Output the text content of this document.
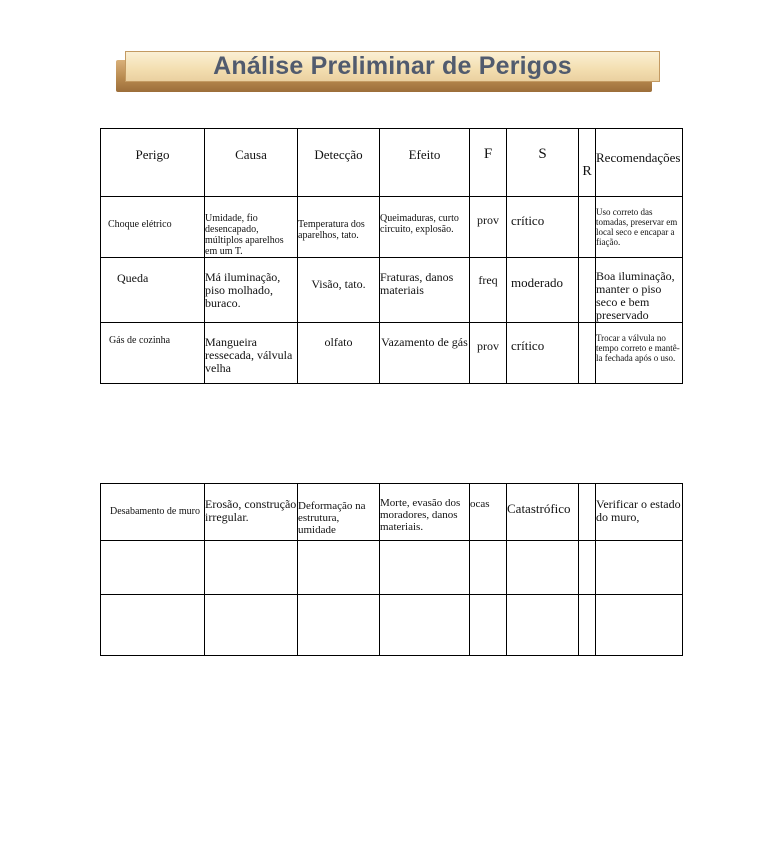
Análise Preliminar de Perigos
Perigo	Causa	Detecção	Efeito	F	S	R	Recomendações

Choque elétrico	Umidade, fio desencapado, múltiplos aparelhos em um T.	Temperatura dos aparelhos, tato.	Queimaduras, curto circuito, explosão.	prov	crítico		Uso correto das tomadas, preservar em local seco e encapar a fiação.

Queda	Má iluminação, piso molhado, buraco.	Visão, tato.	Fraturas, danos materiais	freq	moderado		Boa iluminação, manter o piso seco e bem preservado

Gás de cozinha	Mangueira ressecada, válvula velha	olfato	Vazamento de gás	prov	crítico		Trocar a válvula no tempo correto e mantê-la fechada após o uso.
Desabamento de muro	Erosão, construção irregular.	Deformação na estrutura, umidade	Morte, evasão dos moradores, danos materiais.	ocas	Catastrófico		Verificar o estado do muro,
